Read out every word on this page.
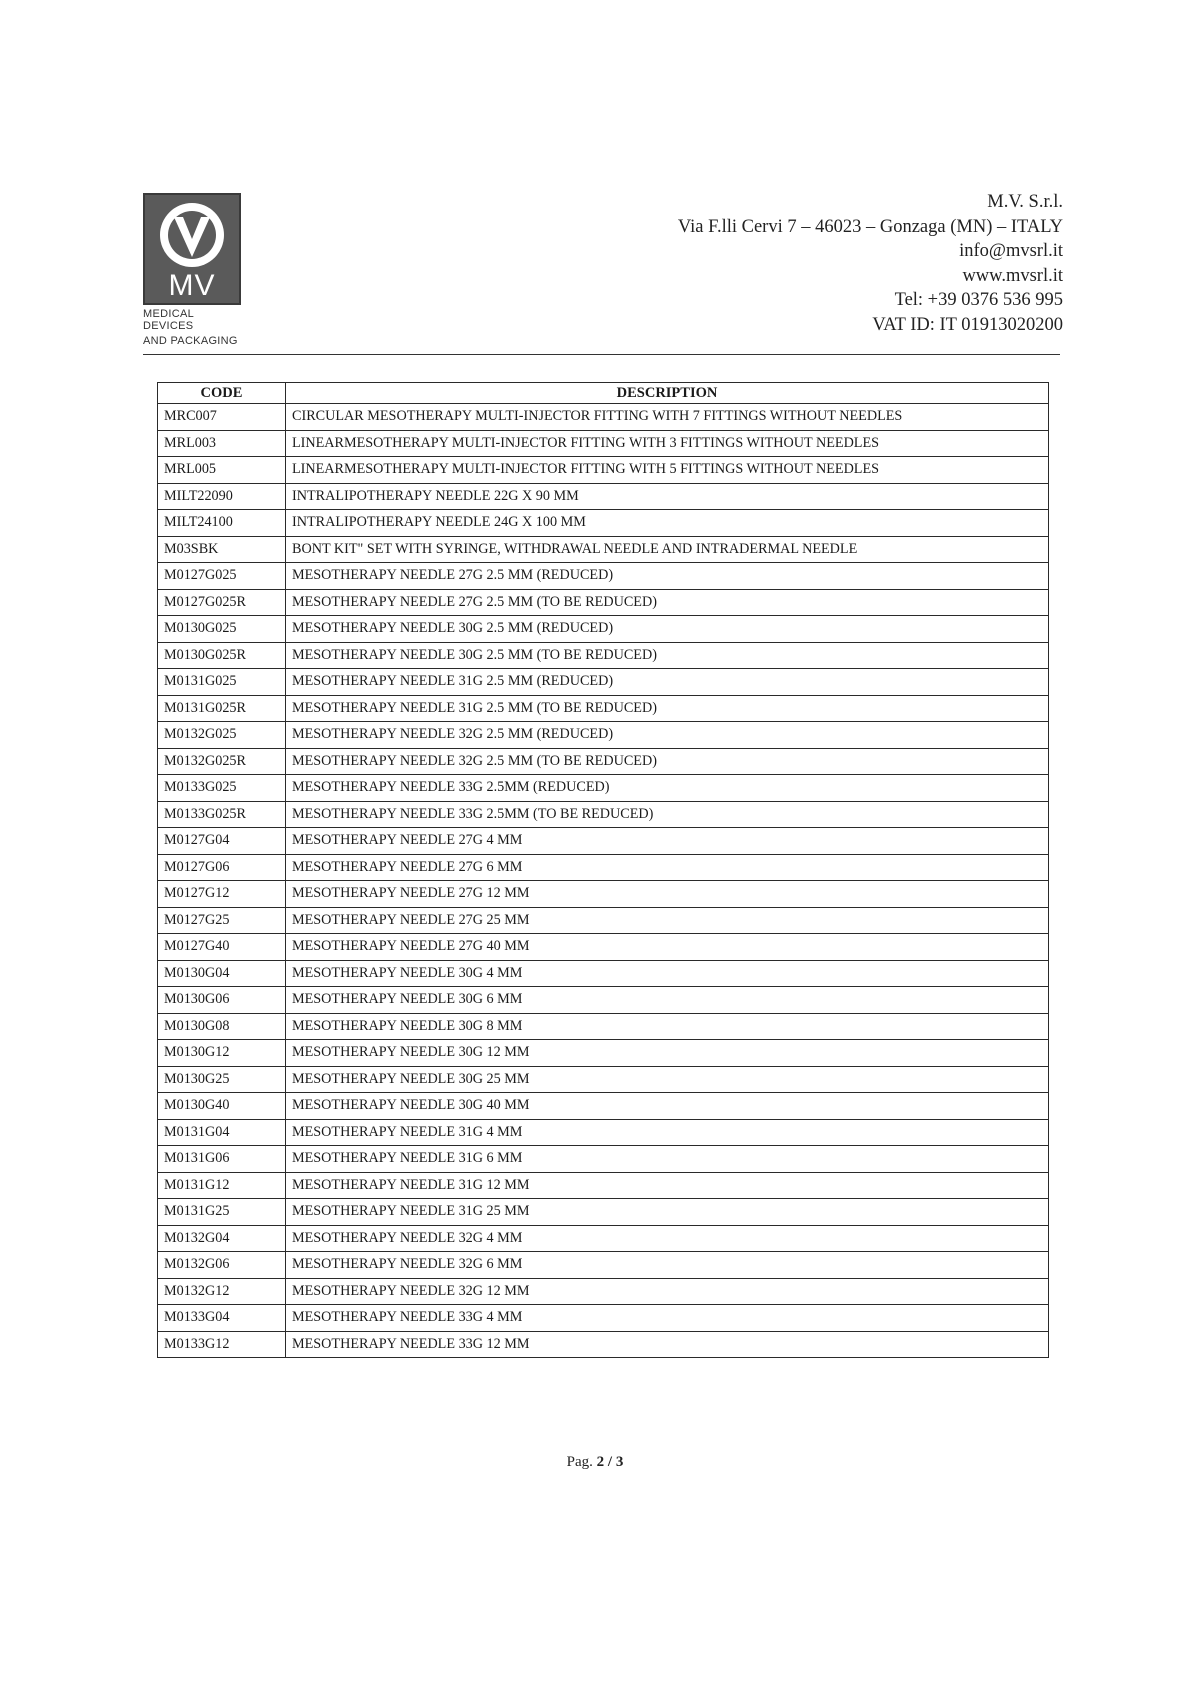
MV
MEDICAL DEVICES
AND PACKAGING
M.V. S.r.l.
Via F.lli Cervi 7 – 46023 – Gonzaga (MN) – ITALY
info@mvsrl.it
www.mvsrl.it
Tel: +39 0376 536 995
VAT ID: IT 01913020200
CODE	DESCRIPTION
MRC007	CIRCULAR MESOTHERAPY MULTI-INJECTOR FITTING WITH 7 FITTINGS WITHOUT NEEDLES
MRL003	LINEARMESOTHERAPY MULTI-INJECTOR FITTING WITH 3 FITTINGS WITHOUT NEEDLES
MRL005	LINEARMESOTHERAPY MULTI-INJECTOR FITTING WITH 5 FITTINGS WITHOUT NEEDLES
MILT22090	INTRALIPOTHERAPY NEEDLE 22G X 90 MM
MILT24100	INTRALIPOTHERAPY NEEDLE 24G X 100 MM
M03SBK	BONT KIT" SET WITH SYRINGE, WITHDRAWAL NEEDLE AND INTRADERMAL NEEDLE
M0127G025	MESOTHERAPY NEEDLE 27G 2.5 MM (REDUCED)
M0127G025R	MESOTHERAPY NEEDLE 27G 2.5 MM (TO BE REDUCED)
M0130G025	MESOTHERAPY NEEDLE 30G 2.5 MM (REDUCED)
M0130G025R	MESOTHERAPY NEEDLE 30G 2.5 MM (TO BE REDUCED)
M0131G025	MESOTHERAPY NEEDLE 31G 2.5 MM (REDUCED)
M0131G025R	MESOTHERAPY NEEDLE 31G 2.5 MM (TO BE REDUCED)
M0132G025	MESOTHERAPY NEEDLE 32G 2.5 MM (REDUCED)
M0132G025R	MESOTHERAPY NEEDLE 32G 2.5 MM (TO BE REDUCED)
M0133G025	MESOTHERAPY NEEDLE 33G 2.5MM (REDUCED)
M0133G025R	MESOTHERAPY NEEDLE 33G 2.5MM (TO BE REDUCED)
M0127G04	MESOTHERAPY NEEDLE 27G 4 MM
M0127G06	MESOTHERAPY NEEDLE 27G 6 MM
M0127G12	MESOTHERAPY NEEDLE 27G 12 MM
M0127G25	MESOTHERAPY NEEDLE 27G 25 MM
M0127G40	MESOTHERAPY NEEDLE 27G 40 MM
M0130G04	MESOTHERAPY NEEDLE 30G 4 MM
M0130G06	MESOTHERAPY NEEDLE 30G 6 MM
M0130G08	MESOTHERAPY NEEDLE 30G 8 MM
M0130G12	MESOTHERAPY NEEDLE 30G 12 MM
M0130G25	MESOTHERAPY NEEDLE 30G 25 MM
M0130G40	MESOTHERAPY NEEDLE 30G 40 MM
M0131G04	MESOTHERAPY NEEDLE 31G 4 MM
M0131G06	MESOTHERAPY NEEDLE 31G 6 MM
M0131G12	MESOTHERAPY NEEDLE 31G 12 MM
M0131G25	MESOTHERAPY NEEDLE 31G 25 MM
M0132G04	MESOTHERAPY NEEDLE 32G 4 MM
M0132G06	MESOTHERAPY NEEDLE 32G 6 MM
M0132G12	MESOTHERAPY NEEDLE 32G 12 MM
M0133G04	MESOTHERAPY NEEDLE 33G 4 MM
M0133G12	MESOTHERAPY NEEDLE 33G 12 MM
Pag. 2 / 3
